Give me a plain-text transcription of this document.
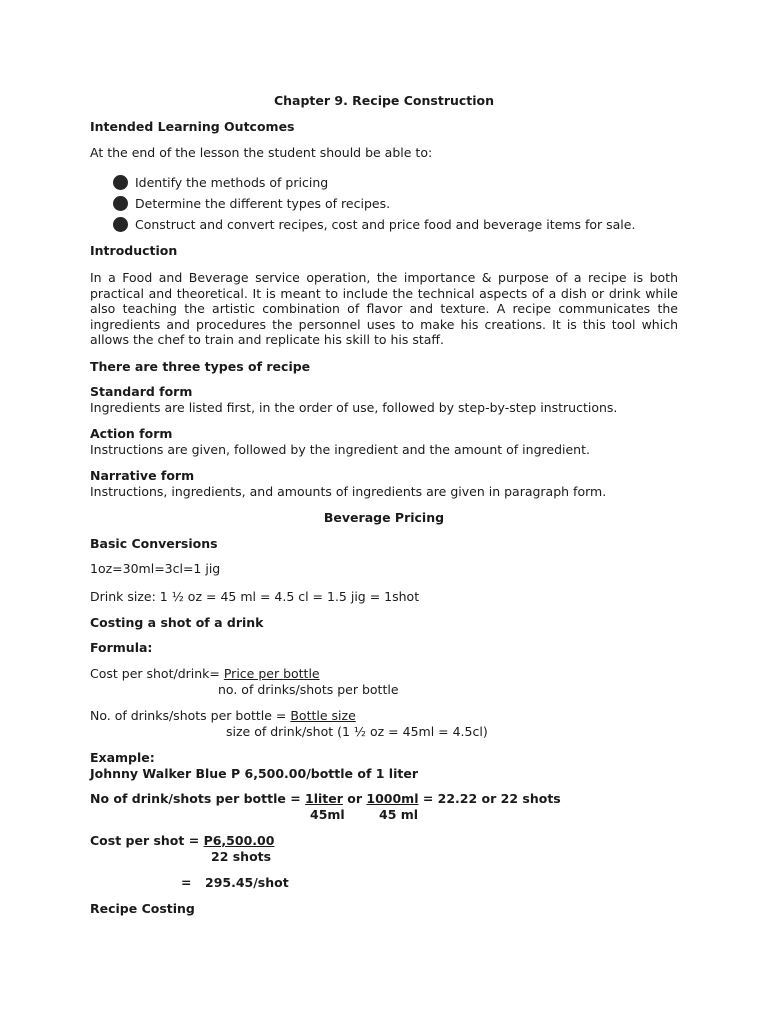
Chapter 9. Recipe Construction
Intended Learning Outcomes
At the end of the lesson the student should be able to:
Identify the methods of pricing
Determine the different types of recipes.
Construct and convert recipes, cost and price food and beverage items for sale.
Introduction
In a Food and Beverage service operation, the importance & purpose of a recipe is both practical and theoretical. It is meant to include the technical aspects of a dish or drink while also teaching the artistic combination of flavor and texture. A recipe communicates the ingredients and procedures the personnel uses to make his creations. It is this tool which allows the chef to train and replicate his skill to his staff.
There are three types of recipe
Standard form
Ingredients are listed first, in the order of use, followed by step-by-step instructions.
Action form
Instructions are given, followed by the ingredient and the amount of ingredient.
Narrative form
Instructions, ingredients, and amounts of ingredients are given in paragraph form.
Beverage Pricing
Basic Conversions
1oz=30ml=3cl=1 jig
Drink size: 1 ½ oz = 45 ml = 4.5 cl = 1.5 jig = 1shot
Costing a shot of a drink
Formula:
Cost per shot/drink= Price per bottle
no. of drinks/shots per bottle
No. of drinks/shots per bottle = Bottle size
size of drink/shot (1 ½ oz = 45ml = 4.5cl)
Example:
Johnny Walker Blue P 6,500.00/bottle of 1 liter
No of drink/shots per bottle = 1liter or 1000ml = 22.22 or 22 shots
45ml	45 ml
Cost per shot = P6,500.00
22 shots
= 295.45/shot
Recipe Costing
